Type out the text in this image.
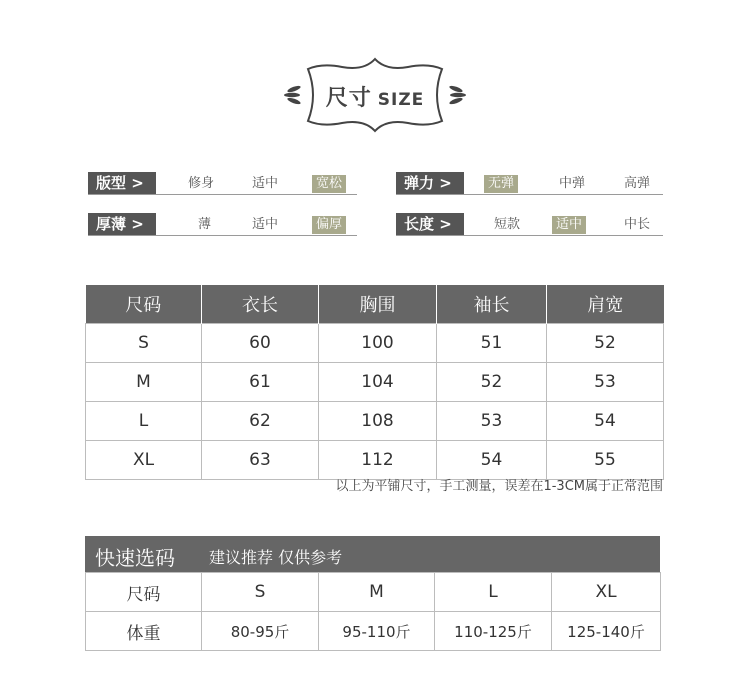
尺寸 SIZE
版型 >	修身	适中	宽松	弹力 >	无弹	中弹	高弹
厚薄 >	薄	适中	偏厚	长度 >	短款	适中	中长
尺码	衣长	胸围	袖长	肩宽
S	60	100	51	52
M	61	104	52	53
L	62	108	53	54
XL	63	112	54	55
以上为平铺尺寸，手工测量，误差在1-3CM属于正常范围
快速选码 建议推荐 仅供参考
尺码	S	M	L	XL
体重	80-95斤	95-110斤	110-125斤	125-140斤
